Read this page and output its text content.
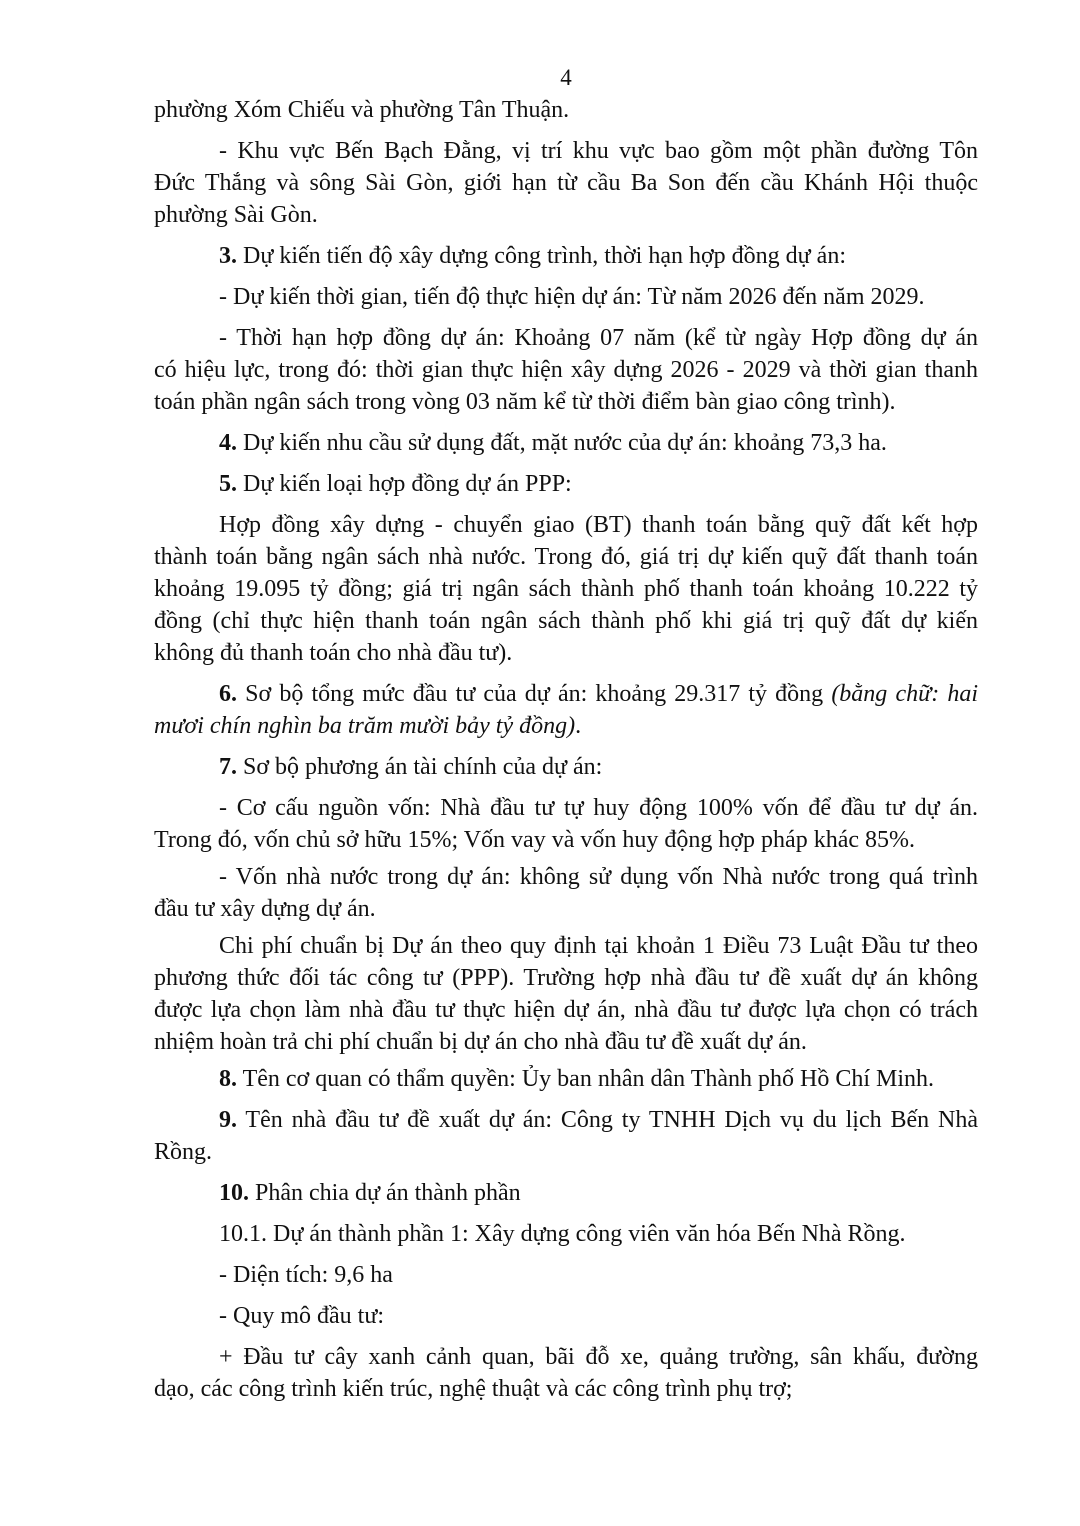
4
phường Xóm Chiếu và phường Tân Thuận.
- Khu vực Bến Bạch Đằng, vị trí khu vực bao gồm một phần đường Tôn
Đức Thắng và sông Sài Gòn, giới hạn từ cầu Ba Son đến cầu Khánh Hội thuộc
phường Sài Gòn.
3. Dự kiến tiến độ xây dựng công trình, thời hạn hợp đồng dự án:
- Dự kiến thời gian, tiến độ thực hiện dự án: Từ năm 2026 đến năm 2029.
- Thời hạn hợp đồng dự án: Khoảng 07 năm (kể từ ngày Hợp đồng dự án
có hiệu lực, trong đó: thời gian thực hiện xây dựng 2026 - 2029 và thời gian thanh
toán phần ngân sách trong vòng 03 năm kể từ thời điểm bàn giao công trình).
4. Dự kiến nhu cầu sử dụng đất, mặt nước của dự án: khoảng 73,3 ha.
5. Dự kiến loại hợp đồng dự án PPP:
Hợp đồng xây dựng - chuyển giao (BT) thanh toán bằng quỹ đất kết hợp
thành toán bằng ngân sách nhà nước. Trong đó, giá trị dự kiến quỹ đất thanh toán
khoảng 19.095 tỷ đồng; giá trị ngân sách thành phố thanh toán khoảng 10.222 tỷ
đồng (chỉ thực hiện thanh toán ngân sách thành phố khi giá trị quỹ đất dự kiến
không đủ thanh toán cho nhà đầu tư).
6. Sơ bộ tổng mức đầu tư của dự án: khoảng 29.317 tỷ đồng (bằng chữ: hai
mươi chín nghìn ba trăm mười bảy tỷ đồng).
7. Sơ bộ phương án tài chính của dự án:
- Cơ cấu nguồn vốn: Nhà đầu tư tự huy động 100% vốn để đầu tư dự án.
Trong đó, vốn chủ sở hữu 15%; Vốn vay và vốn huy động hợp pháp khác 85%.
- Vốn nhà nước trong dự án: không sử dụng vốn Nhà nước trong quá trình
đầu tư xây dựng dự án.
Chi phí chuẩn bị Dự án theo quy định tại khoản 1 Điều 73 Luật Đầu tư theo
phương thức đối tác công tư (PPP). Trường hợp nhà đầu tư đề xuất dự án không
được lựa chọn làm nhà đầu tư thực hiện dự án, nhà đầu tư được lựa chọn có trách
nhiệm hoàn trả chi phí chuẩn bị dự án cho nhà đầu tư đề xuất dự án.
8. Tên cơ quan có thẩm quyền: Ủy ban nhân dân Thành phố Hồ Chí Minh.
9. Tên nhà đầu tư đề xuất dự án: Công ty TNHH Dịch vụ du lịch Bến Nhà
Rồng.
10. Phân chia dự án thành phần
10.1. Dự án thành phần 1: Xây dựng công viên văn hóa Bến Nhà Rồng.
- Diện tích: 9,6 ha
- Quy mô đầu tư:
+ Đầu tư cây xanh cảnh quan, bãi đỗ xe, quảng trường, sân khấu, đường
dạo, các công trình kiến trúc, nghệ thuật và các công trình phụ trợ;
